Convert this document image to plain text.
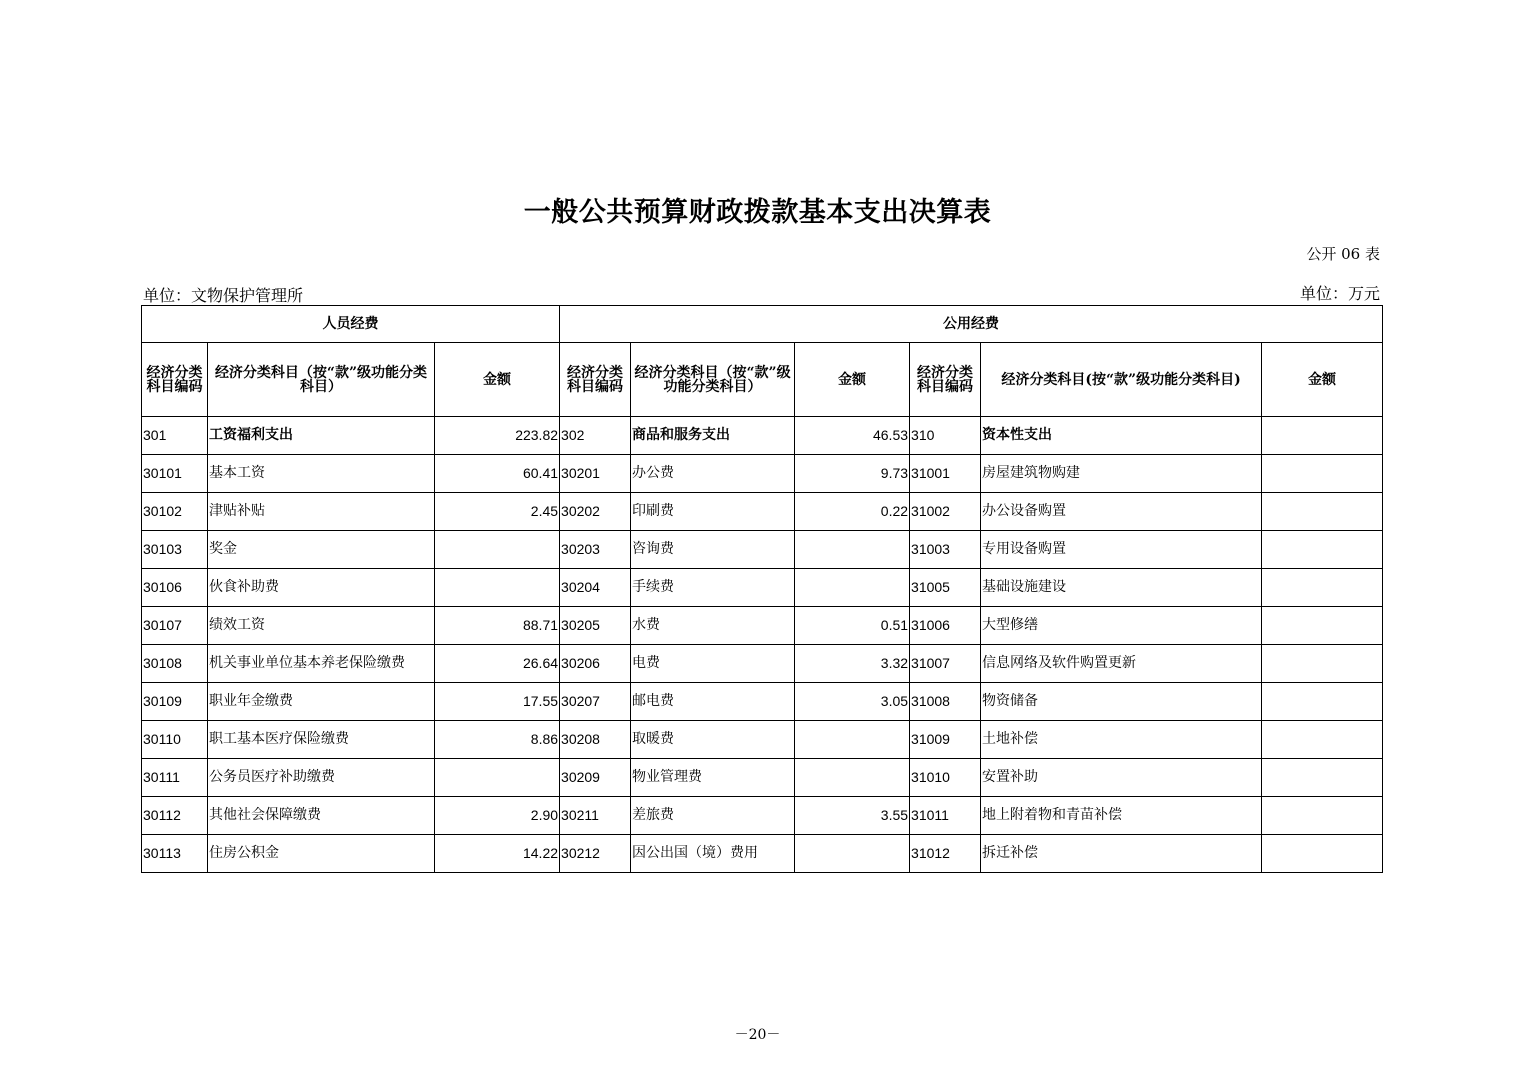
一般公共预算财政拨款基本支出决算表
公开 06 表
单位：文物保护管理所	单位：万元
人员经费			公用经费					
经济分类科目编码	经济分类科目（按“款”级功能分类科目）	金额	经济分类科目编码	经济分类科目（按“款”级功能分类科目）	金额	经济分类科目编码	经济分类科目(按“款”级功能分类科目)	金额
301	工资福利支出	223.82	302	商品和服务支出	46.53	310	资本性支出	
30101	基本工资	60.41	30201	办公费	9.73	31001	房屋建筑物购建	
30102	津贴补贴	2.45	30202	印刷费	0.22	31002	办公设备购置	
30103	奖金		30203	咨询费		31003	专用设备购置	
30106	伙食补助费		30204	手续费		31005	基础设施建设	
30107	绩效工资	88.71	30205	水费	0.51	31006	大型修缮	
30108	机关事业单位基本养老保险缴费	26.64	30206	电费	3.32	31007	信息网络及软件购置更新	
30109	职业年金缴费	17.55	30207	邮电费	3.05	31008	物资储备	
30110	职工基本医疗保险缴费	8.86	30208	取暖费		31009	土地补偿	
30111	公务员医疗补助缴费		30209	物业管理费		31010	安置补助	
30112	其他社会保障缴费	2.90	30211	差旅费	3.55	31011	地上附着物和青苗补偿	
30113	住房公积金	14.22	30212	因公出国（境）费用		31012	拆迁补偿	
－20－
